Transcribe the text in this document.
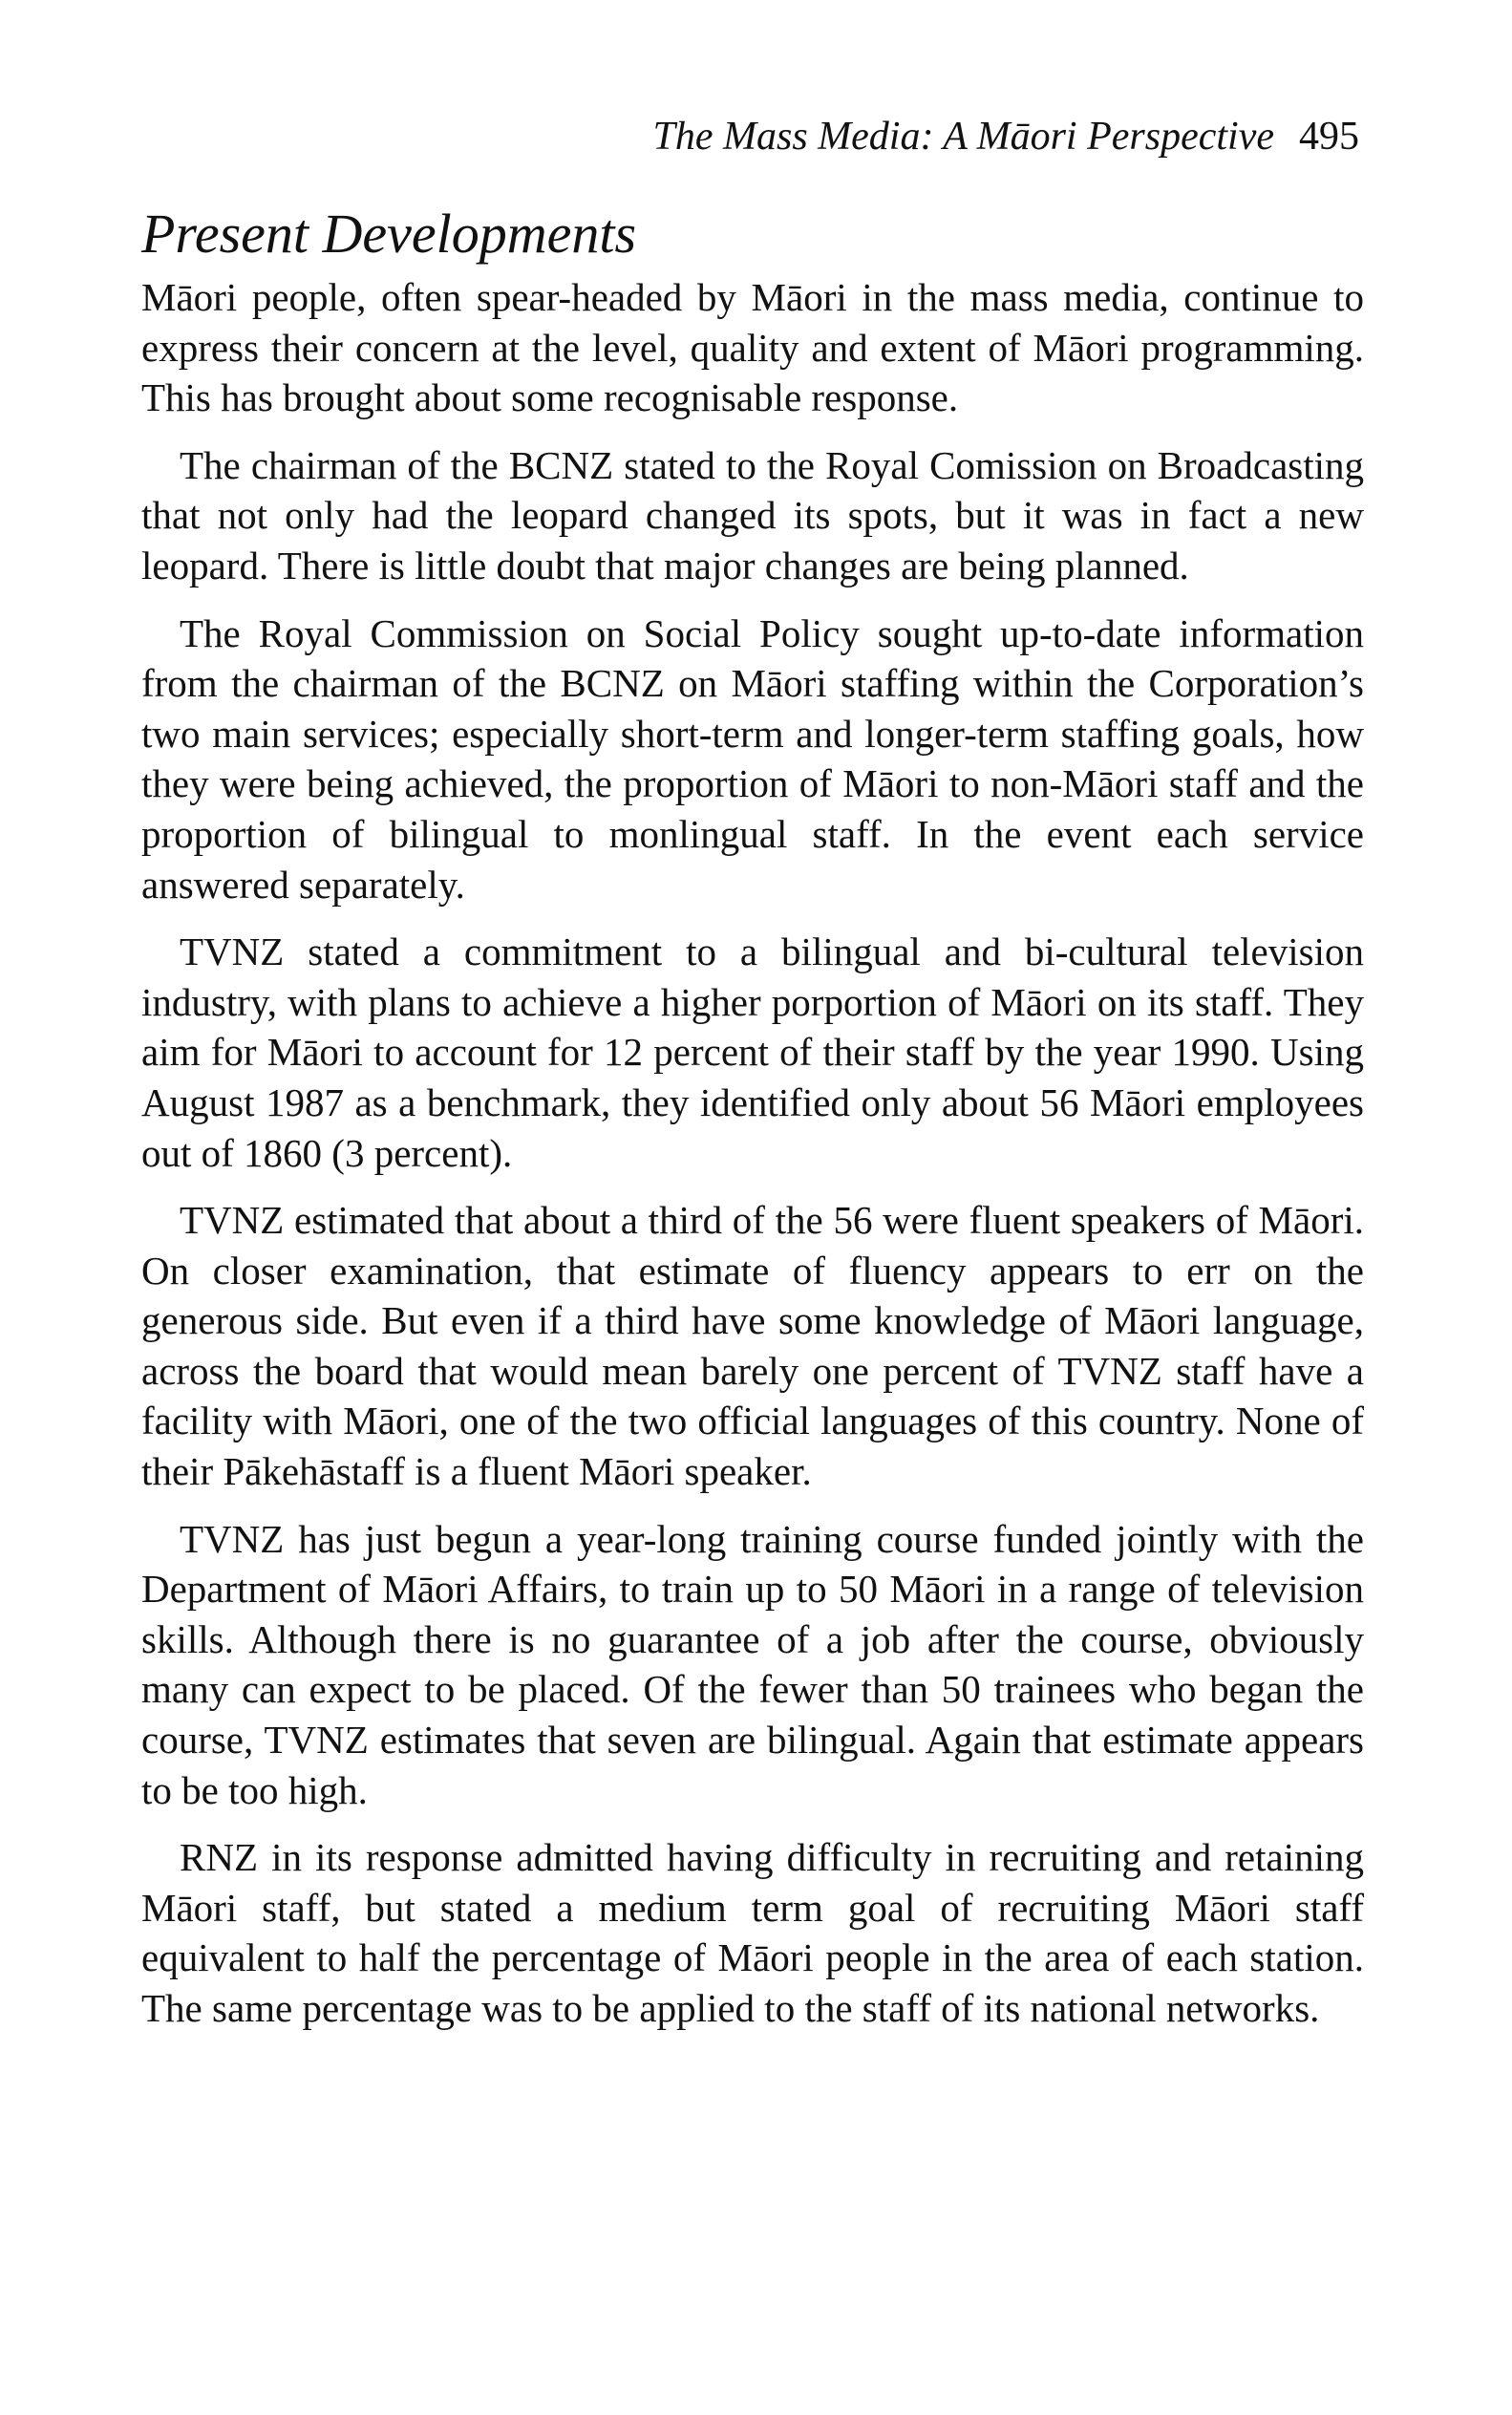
The Mass Media: A Māori Perspective 495
Present Developments

Māori people, often spear-headed by Māori in the mass media, continue to express their concern at the level, quality and extent of Māori programming. This has brought about some recognisable response.

The chairman of the BCNZ stated to the Royal Comission on Broadcasting that not only had the leopard changed its spots, but it was in fact a new leopard. There is little doubt that major changes are being planned.

The Royal Commission on Social Policy sought up-to-date information from the chairman of the BCNZ on Māori staffing within the Corporation’s two main services; especially short-term and longer-term staffing goals, how they were being achieved, the proportion of Māori to non-Māori staff and the proportion of bilingual to monlingual staff. In the event each service answered separately.

TVNZ stated a commitment to a bilingual and bi-cultural television industry, with plans to achieve a higher porportion of Māori on its staff. They aim for Māori to account for 12 percent of their staff by the year 1990. Using August 1987 as a benchmark, they identified only about 56 Māori employees out of 1860 (3 percent).

TVNZ estimated that about a third of the 56 were fluent speakers of Māori. On closer examination, that estimate of fluency appears to err on the generous side. But even if a third have some knowledge of Māori language, across the board that would mean barely one percent of TVNZ staff have a facility with Māori, one of the two official languages of this country. None of their Pākehāstaff is a fluent Māori speaker.

TVNZ has just begun a year-long training course funded jointly with the Department of Māori Affairs, to train up to 50 Māori in a range of television skills. Although there is no guarantee of a job after the course, obviously many can expect to be placed. Of the fewer than 50 trainees who began the course, TVNZ estimates that seven are bilingual. Again that estimate appears to be too high.

RNZ in its response admitted having difficulty in recruiting and retaining Māori staff, but stated a medium term goal of recruiting Māori staff equivalent to half the percentage of Māori people in the area of each station. The same percentage was to be applied to the staff of its national networks.
